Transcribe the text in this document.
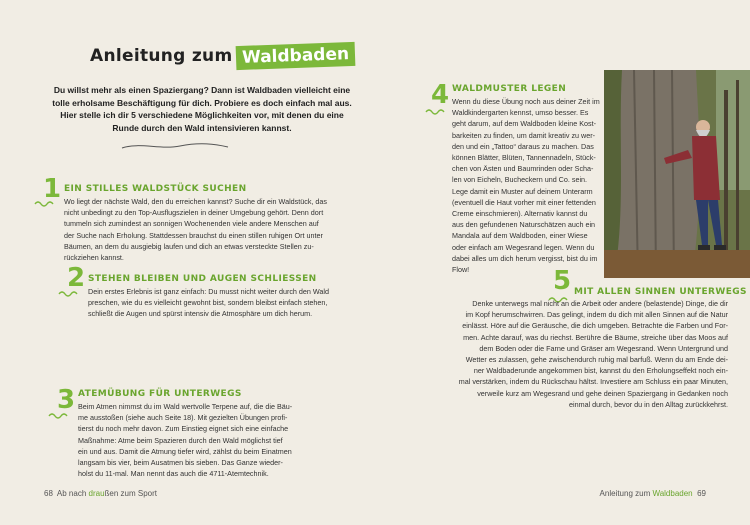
Anleitung zum Waldbaden
Du willst mehr als einen Spaziergang? Dann ist Waldbaden vielleicht eine tolle erholsame Beschäftigung für dich. Probiere es doch einfach mal aus. Hier stelle ich dir 5 verschiedene Möglichkeiten vor, mit denen du eine Runde durch den Wald intensivieren kannst.
1 EIN STILLES WALDSTÜCK SUCHEN
Wo liegt der nächste Wald, den du erreichen kannst? Suche dir ein Waldstück, das
nicht unbedingt zu den Top-Ausflugszielen in deiner Umgebung gehört. Denn dort
tummeln sich zumindest an sonnigen Wochenenden viele andere Menschen auf
der Suche nach Erholung. Stattdessen brauchst du einen stillen ruhigen Ort unter
Bäumen, an dem du ausgiebig laufen und dich an etwas versteckte Stellen zu-
rückziehen kannst.
2 STEHEN BLEIBEN UND AUGEN SCHLIESSEN
Dein erstes Erlebnis ist ganz einfach: Du musst nicht weiter durch den Wald
preschen, wie du es vielleicht gewohnt bist, sondern bleibst einfach stehen,
schließt die Augen und spürst intensiv die Atmosphäre um dich herum.
3 ATEMÜBUNG FÜR UNTERWEGS
Beim Atmen nimmst du im Wald wertvolle Terpene auf, die die Bäu-
me ausstoßen (siehe auch Seite 18). Mit gezielten Übungen profi-
tierst du noch mehr davon. Zum Einstieg eignet sich eine einfache
Maßnahme: Atme beim Spazieren durch den Wald möglichst tief
ein und aus. Damit die Atmung tiefer wird, zählst du beim Einatmen
langsam bis vier, beim Ausatmen bis sieben. Das Ganze wieder-
holst du 11-mal. Man nennt das auch die 4711-Atemtechnik.
4 WALDMUSTER LEGEN
Wenn du diese Übung noch aus deiner Zeit im
Waldkindergarten kennst, umso besser. Es
geht darum, auf dem Waldboden kleine Kost-
barkeiten zu finden, um damit kreativ zu wer-
den und ein „Tattoo“ daraus zu machen. Das
können Blätter, Blüten, Tannennadeln, Stück-
chen von Ästen und Baumrinden oder Scha-
len von Eicheln, Bucheckern und Co. sein.
Lege damit ein Muster auf deinem Unterarm
(eventuell die Haut vorher mit einer fettenden
Creme einschmieren). Alternativ kannst du
aus den gefundenen Naturschätzen auch ein
Mandala auf dem Waldboden, einer Wiese
oder einfach am Wegesrand legen. Wenn du
dabei alles um dich herum vergisst, bist du im
Flow!	5 MIT ALLEN SINNEN UNTERWEGS
Denke unterwegs mal nicht an die Arbeit oder andere (belastende) Dinge, die dir
im Kopf herumschwirren. Das gelingt, indem du dich mit allen Sinnen auf die Natur
einlässt. Höre auf die Geräusche, die dich umgeben. Betrachte die Farben und For-
men. Achte darauf, was du riechst. Berühre die Bäume, streiche über das Moos auf
dem Boden oder die Farne und Gräser am Wegesrand. Wenn Untergrund und
Wetter es zulassen, gehe zwischendurch ruhig mal barfuß. Wenn du am Ende dei-
ner Waldbaderunde angekommen bist, kannst du den Erholungseffekt noch ein-
mal verstärken, indem du Rückschau hältst. Investiere am Schluss ein paar Minuten,
verweile kurz am Wegesrand und gehe deinen Spaziergang in Gedanken noch
einmal durch, bevor du in den Alltag zurückkehrst.
68 Ab nach draußen zum Sport	Anleitung zum Waldbaden 69
